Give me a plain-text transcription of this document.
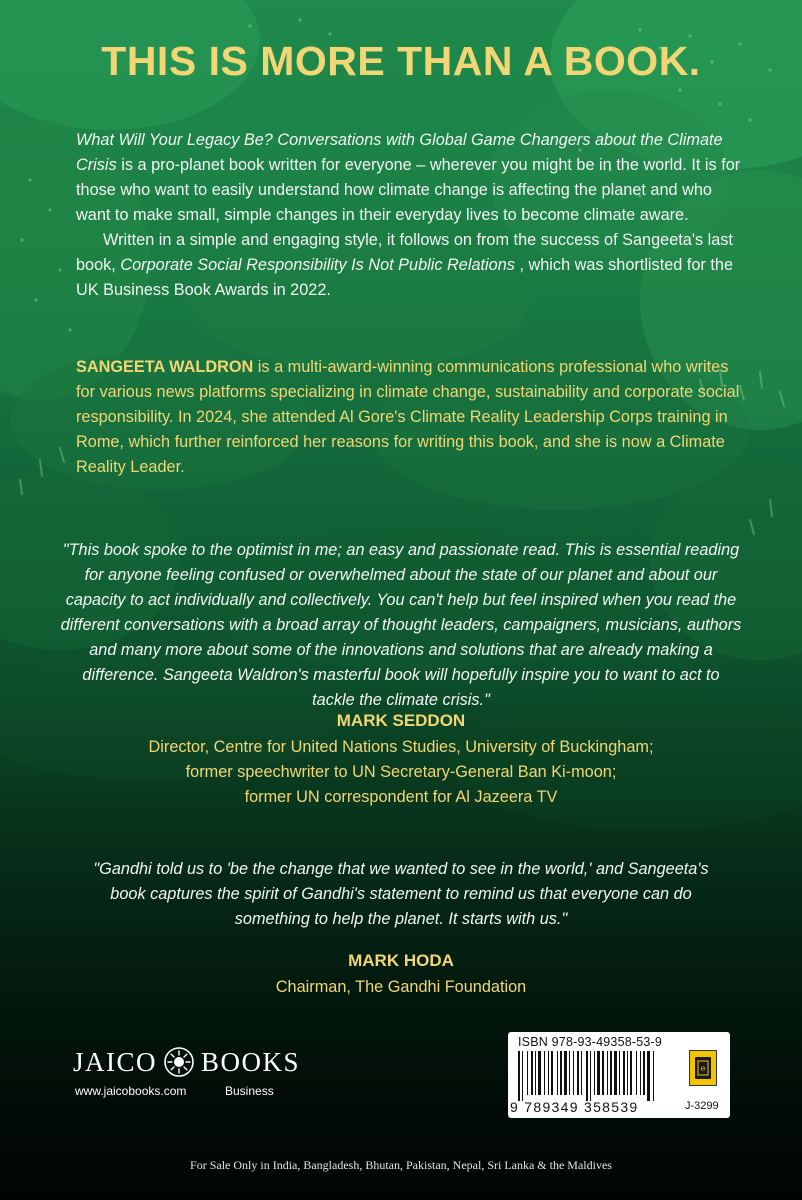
THIS IS MORE THAN A BOOK.

What Will Your Legacy Be? Conversations with Global Game Changers about the Climate Crisis is a pro-planet book written for everyone – wherever you might be in the world. It is for those who want to easily understand how climate change is affecting the planet and who want to make small, simple changes in their everyday lives to become climate aware.

Written in a simple and engaging style, it follows on from the success of Sangeeta's last book, Corporate Social Responsibility Is Not Public Relations , which was shortlisted for the UK Business Book Awards in 2022.

SANGEETA WALDRON is a multi-award-winning communications professional who writes for various news platforms specializing in climate change, sustainability and corporate social responsibility. In 2024, she attended Al Gore's Climate Reality Leadership Corps training in Rome, which further reinforced her reasons for writing this book, and she is now a Climate Reality Leader.
"This book spoke to the optimist in me; an easy and passionate read. This is essential reading for anyone feeling confused or overwhelmed about the state of our planet and about our capacity to act individually and collectively. You can't help but feel inspired when you read the different conversations with a broad array of thought leaders, campaigners, musicians, authors and many more about some of the innovations and solutions that are already making a difference. Sangeeta Waldron's masterful book will hopefully inspire you to want to act to tackle the climate crisis."
MARK SEDDON
Director, Centre for United Nations Studies, University of Buckingham;
former speechwriter to UN Secretary-General Ban Ki-moon;
former UN correspondent for Al Jazeera TV
"Gandhi told us to 'be the change that we wanted to see in the world,' and Sangeeta's book captures the spirit of Gandhi's statement to remind us that everyone can do something to help the planet. It starts with us."
MARK HODA
Chairman, The Gandhi Foundation
JAICO BOOKS
www.jaicobooks.com	Business
ISBN 978-93-49358-53-9
9 789349 358539
e
J-3299
For Sale Only in India, Bangladesh, Bhutan, Pakistan, Nepal, Sri Lanka & the Maldives
